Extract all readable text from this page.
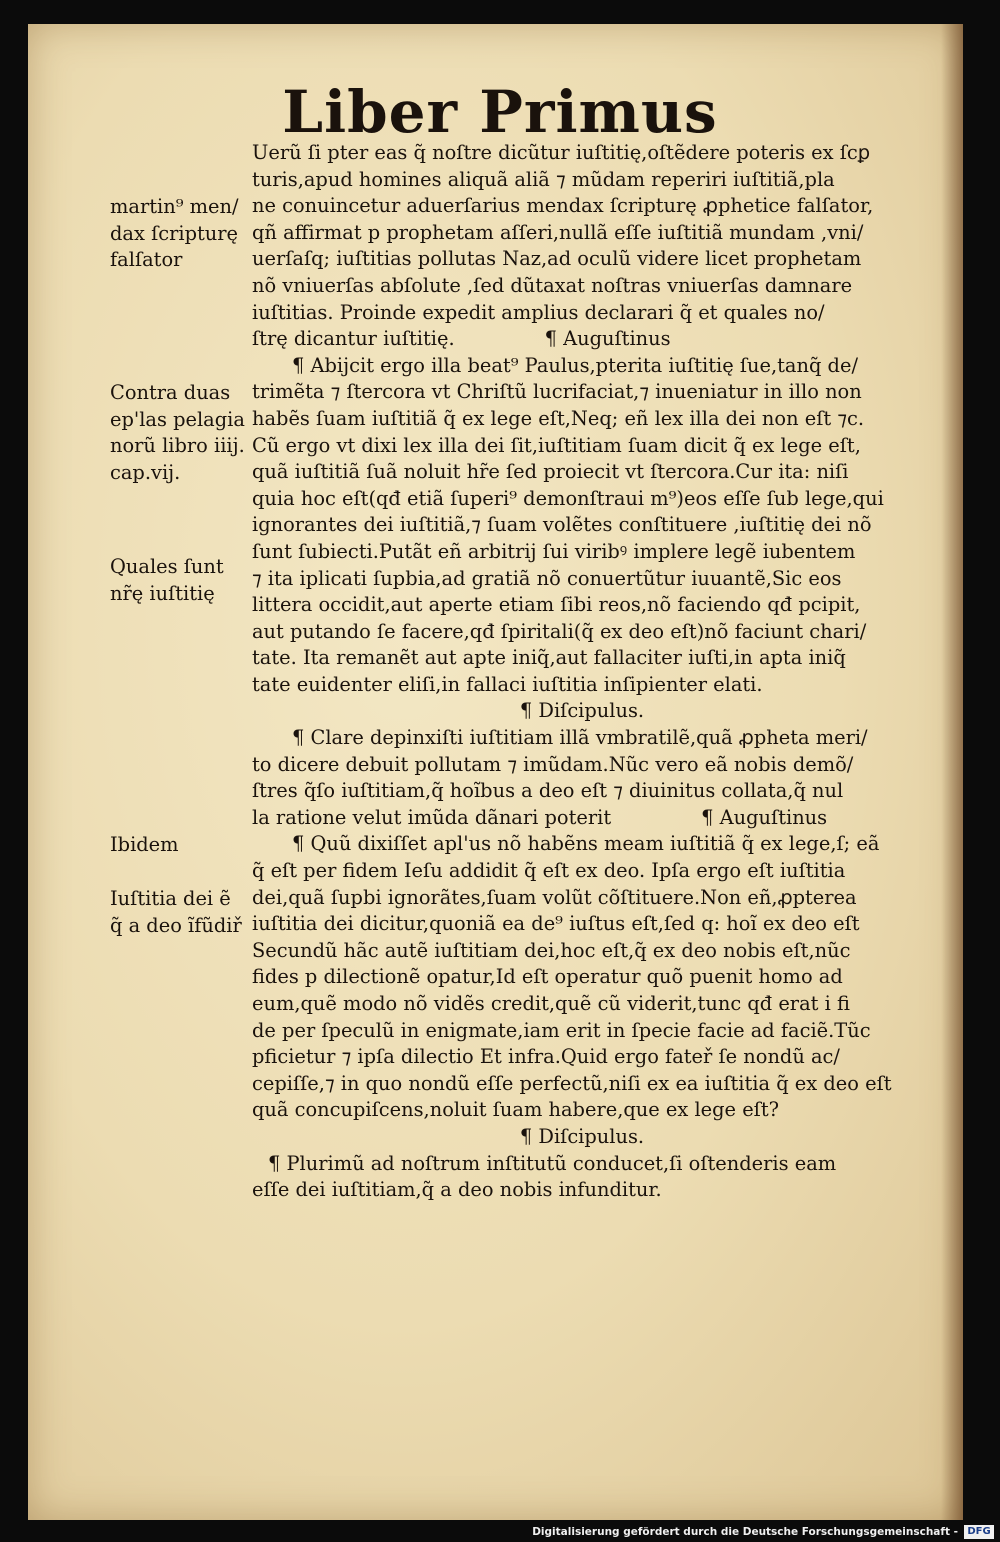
Liber Primus
Uerũ ſi pter eas q̃ noſtre dicũtur iuſtitię,oſtẽdere poteris ex ſcꝑ
turis,apud homines aliquã aliã ⁊ mũdam reperiri iuſtitiã,pla
ne conuincetur aduerſarius mendax ſcripturę ꝓphetice falſator,
qñ affirmat p prophetam aſſeri,nullã eſſe iuſtitiã mundam ,vni/
uerſaſq; iuſtitias pollutas Naz,ad oculũ videre licet prophetam
nõ vniuerſas abſolute ,ſed dũtaxat noſtras vniuerſas damnare
iuſtitias. Proinde expedit amplius declarari q̃ et quales no/
ſtrę dicantur iuſtitię.	¶ Auguſtinus
¶ Abijcit ergo illa beat⁹ Paulus,pterita iuſtitię ſue,tanq̃ de/
trimẽta ⁊ ſtercora vt Chriſtũ lucrifaciat,⁊ inueniatur in illo non
habẽs ſuam iuſtitiã q̃ ex lege eſt,Neq; eñ lex illa dei non eſt ⁊c.
Cũ ergo vt dixi lex illa dei ſit,iuſtitiam ſuam dicit q̃ ex lege eſt,
quã iuſtitiã ſuã noluit hr̃e ſed proiecit vt ſtercora.Cur ita: niſi
quia hoc eſt(qđ etiã ſuperi⁹ demonſtraui m⁹)eos eſſe ſub lege,qui
ignorantes dei iuſtitiã,⁊ ſuam volẽtes conſtituere ,iuſtitię dei nõ
ſunt ſubiecti.Putãt eñ arbitrij ſui viribꝰ implere legẽ iubentem
⁊ ita iplicati ſupbia,ad gratiã nõ conuertũtur iuuantẽ,Sic eos
littera occidit,aut aperte etiam ſibi reos,nõ faciendo qđ pcipit,
aut putando ſe facere,qđ ſpiritali(q̃ ex deo eſt)nõ faciunt chari/
tate. Ita remanẽt aut apte iniq̃,aut fallaciter iuſti,in apta iniq̃
tate euidenter eliſi,in fallaci iuſtitia inſipienter elati.
¶ Diſcipulus.
¶ Clare depinxiſti iuſtitiam illã vmbratilẽ,quã ꝓpheta meri/
to dicere debuit pollutam ⁊ imũdam.Nũc vero eã nobis demõ/
ſtres q̃ſo iuſtitiam,q̃ hoĩbus a deo eſt ⁊ diuinitus collata,q̃ nul
la ratione velut imũda dãnari poterit	¶ Auguſtinus
¶ Quũ dixiſſet apl'us nõ habẽns meam iuſtitiã q̃ ex lege,ſ; eã
q̃ eſt per fidem Ieſu addidit q̃ eſt ex deo. Ipſa ergo eſt iuſtitia
dei,quã ſupbi ignorãtes,ſuam volũt cõſtituere.Non eñ,ꝓpterea
iuſtitia dei dicitur,quoniã ea de⁹ iuſtus eſt,ſed q: hoĩ ex deo eſt
Secundũ hãc autẽ iuſtitiam dei,hoc eſt,q̃ ex deo nobis eſt,nũc
fides p dilectionẽ opatur,Id eſt operatur quõ puenit homo ad
eum,quẽ modo nõ vidẽs credit,quẽ cũ viderit,tunc qđ erat i fi
de per ſpeculũ in enigmate,iam erit in ſpecie facie ad faciẽ.Tũc
pficietur ⁊ ipſa dilectio Et infra.Quid ergo fateř ſe nondũ ac/
cepiſſe,⁊ in quo nondũ eſſe perfectũ,niſi ex ea iuſtitia q̃ ex deo eſt
quã concupiſcens,noluit ſuam habere,que ex lege eſt?
¶ Diſcipulus.
¶ Plurimũ ad noſtrum inſtitutũ conducet,ſi oſtenderis eam
eſſe dei iuſtitiam,q̃ a deo nobis infunditur.
martin⁹ men/
dax ſcripturę
falſator
Contra duas
ep'las pelagia
norũ libro iiij.
cap.vij.
Quales ſunt
nr̃ę iuſtitię
Ibidem
Iuſtitia dei ẽ
q̃ a deo ĩfũdiř
Digitalisierung gefördert durch die Deutsche Forschungsgemeinschaft - DFG
